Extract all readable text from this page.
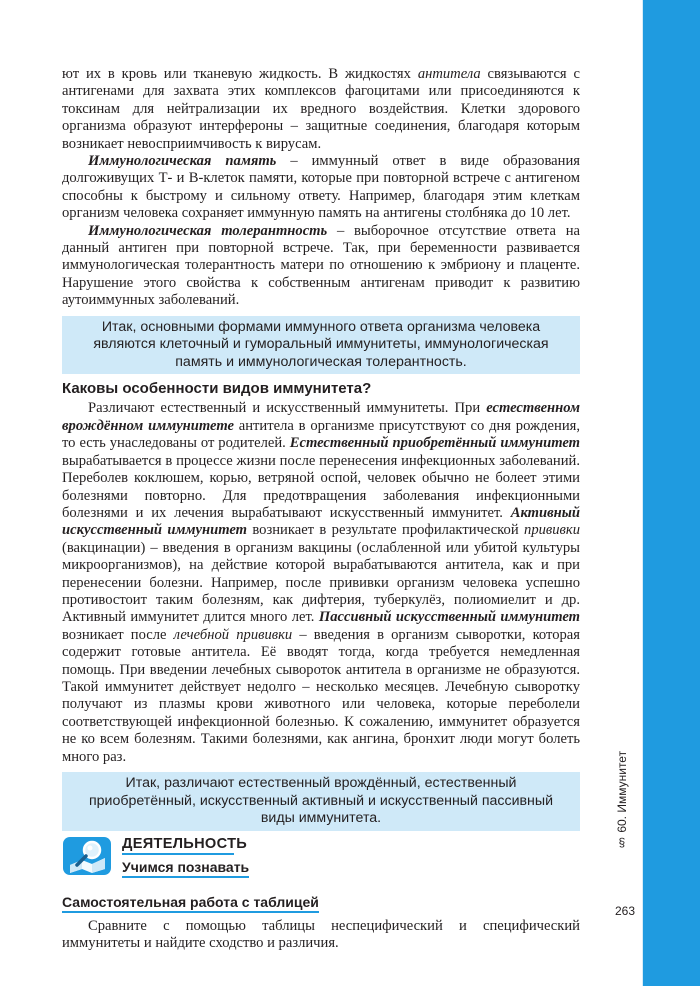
§ 60. Иммунитет
263

ют их в кровь или тканевую жидкость. В жидкостях антитела связываются с антигенами для захвата этих комплексов фагоцитами или присоединяются к токсинам для нейтрализации их вредного воздействия. Клетки здорового организма образуют интерфероны – защитные соединения, благодаря которым возникает невосприимчивость к вирусам.

Иммунологическая память – иммунный ответ в виде образования долгоживущих Т- и В-клеток памяти, которые при повторной встрече с антигеном способны к быстрому и сильному ответу. Например, благодаря этим клеткам организм человека сохраняет иммунную память на антигены столбняка до 10 лет.

Иммунологическая толерантность – выборочное отсутствие ответа на данный антиген при повторной встрече. Так, при беременности развивается иммунологическая толерантность матери по отношению к эмбриону и плаценте. Нарушение этого свойства к собственным антигенам приводит к развитию аутоиммунных заболеваний.

Итак, основными формами иммунного ответа организма человека являются клеточный и гуморальный иммунитеты, иммунологическая память и иммунологическая толерантность.
Каковы особенности видов иммунитета?

Различают естественный и искусственный иммунитеты. При естественном врождённом иммунитете антитела в организме присутствуют со дня рождения, то есть унаследованы от родителей. Естественный приобретённый иммунитет вырабатывается в процессе жизни после перенесения инфекционных заболеваний. Переболев коклюшем, корью, ветряной оспой, человек обычно не болеет этими болезнями повторно. Для предотвращения заболевания инфекционными болезнями и их лечения вырабатывают искусственный иммунитет. Активный искусственный иммунитет возникает в результате профилактической прививки (вакцинации) – введения в организм вакцины (ослабленной или убитой культуры микроорганизмов), на действие которой вырабатываются антитела, как и при перенесении болезни. Например, после прививки организм человека успешно противостоит таким болезням, как дифтерия, туберкулёз, полиомиелит и др. Активный иммунитет длится много лет. Пассивный искусственный иммунитет возникает после лечебной прививки – введения в организм сыворотки, которая содержит готовые антитела. Её вводят тогда, когда требуется немедленная помощь. При введении лечебных сывороток антитела в организме не образуются. Такой иммунитет действует недолго – несколько месяцев. Лечебную сыворотку получают из плазмы крови животного или человека, которые переболели соответствующей инфекционной болезнью. К сожалению, иммунитет образуется не ко всем болезням. Такими болезнями, как ангина, бронхит люди могут болеть много раз.

Итак, различают естественный врождённый, естественный приобретённый, искусственный активный и искусственный пассивный виды иммунитета.
ДЕЯТЕЛЬНОСТЬ
Учимся познавать
Самостоятельная работа с таблицей

Сравните с помощью таблицы неспецифический и специфический иммунитеты и найдите сходство и различия.
